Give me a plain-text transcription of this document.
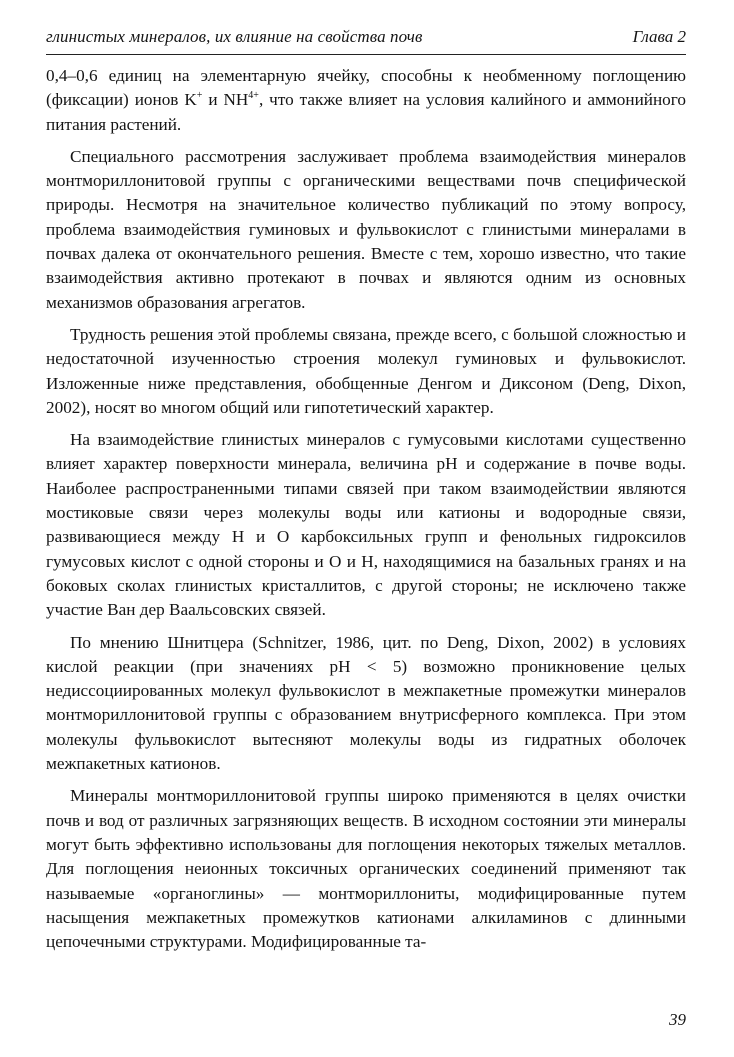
глинистых минералов, их влияние на свойства почв	Глава 2

0,4–0,6 единиц на элементарную ячейку, способны к необменному поглощению (фиксации) ионов K+ и $NH^{4+}$, что также влияет на условия калийного и аммонийного питания растений.

Специального рассмотрения заслуживает проблема взаимодействия минералов монтмориллонитовой группы с органическими веществами почв специфической природы. Несмотря на значительное количество публикаций по этому вопросу, проблема взаимодействия гуминовых и фульвокислот с глинистыми минералами в почвах далека от окончательного решения. Вместе с тем, хорошо известно, что такие взаимодействия активно протекают в почвах и являются одним из основных механизмов образования агрегатов.

Трудность решения этой проблемы связана, прежде всего, с большой сложностью и недостаточной изученностью строения молекул гуминовых и фульвокислот. Изложенные ниже представления, обобщенные Денгом и Диксоном (Deng, Dixon, 2002), носят во многом общий или гипотетический характер.

На взаимодействие глинистых минералов с гумусовыми кислотами существенно влияет характер поверхности минерала, величина pH и содержание в почве воды. Наиболее распространенными типами связей при таком взаимодействии являются мостиковые связи через молекулы воды или катионы и водородные связи, развивающиеся между H и O карбоксильных групп и фенольных гидроксилов гумусовых кислот с одной стороны и O и H, находящимися на базальных гранях и на боковых сколах глинистых кристаллитов, с другой стороны; не исключено также участие Ван дер Ваальсовских связей.

По мнению Шнитцера (Schnitzer, 1986, цит. по Deng, Dixon, 2002) в условиях кислой реакции (при значениях pH < 5) возможно проникновение целых недиссоциированных молекул фульвокислот в межпакетные промежутки минералов монтмориллонитовой группы с образованием внутрисферного комплекса. При этом молекулы фульвокислот вытесняют молекулы воды из гидратных оболочек межпакетных катионов.

Минералы монтмориллонитовой группы широко применяются в целях очистки почв и вод от различных загрязняющих веществ. В исходном состоянии эти минералы могут быть эффективно использованы для поглощения некоторых тяжелых металлов. Для поглощения неионных токсичных органических соединений применяют так называемые «органоглины» — монтмориллониты, модифицированные путем насыщения межпакетных промежутков катионами алкиламинов с длинными цепочечными структурами. Модифицированные та-

39
